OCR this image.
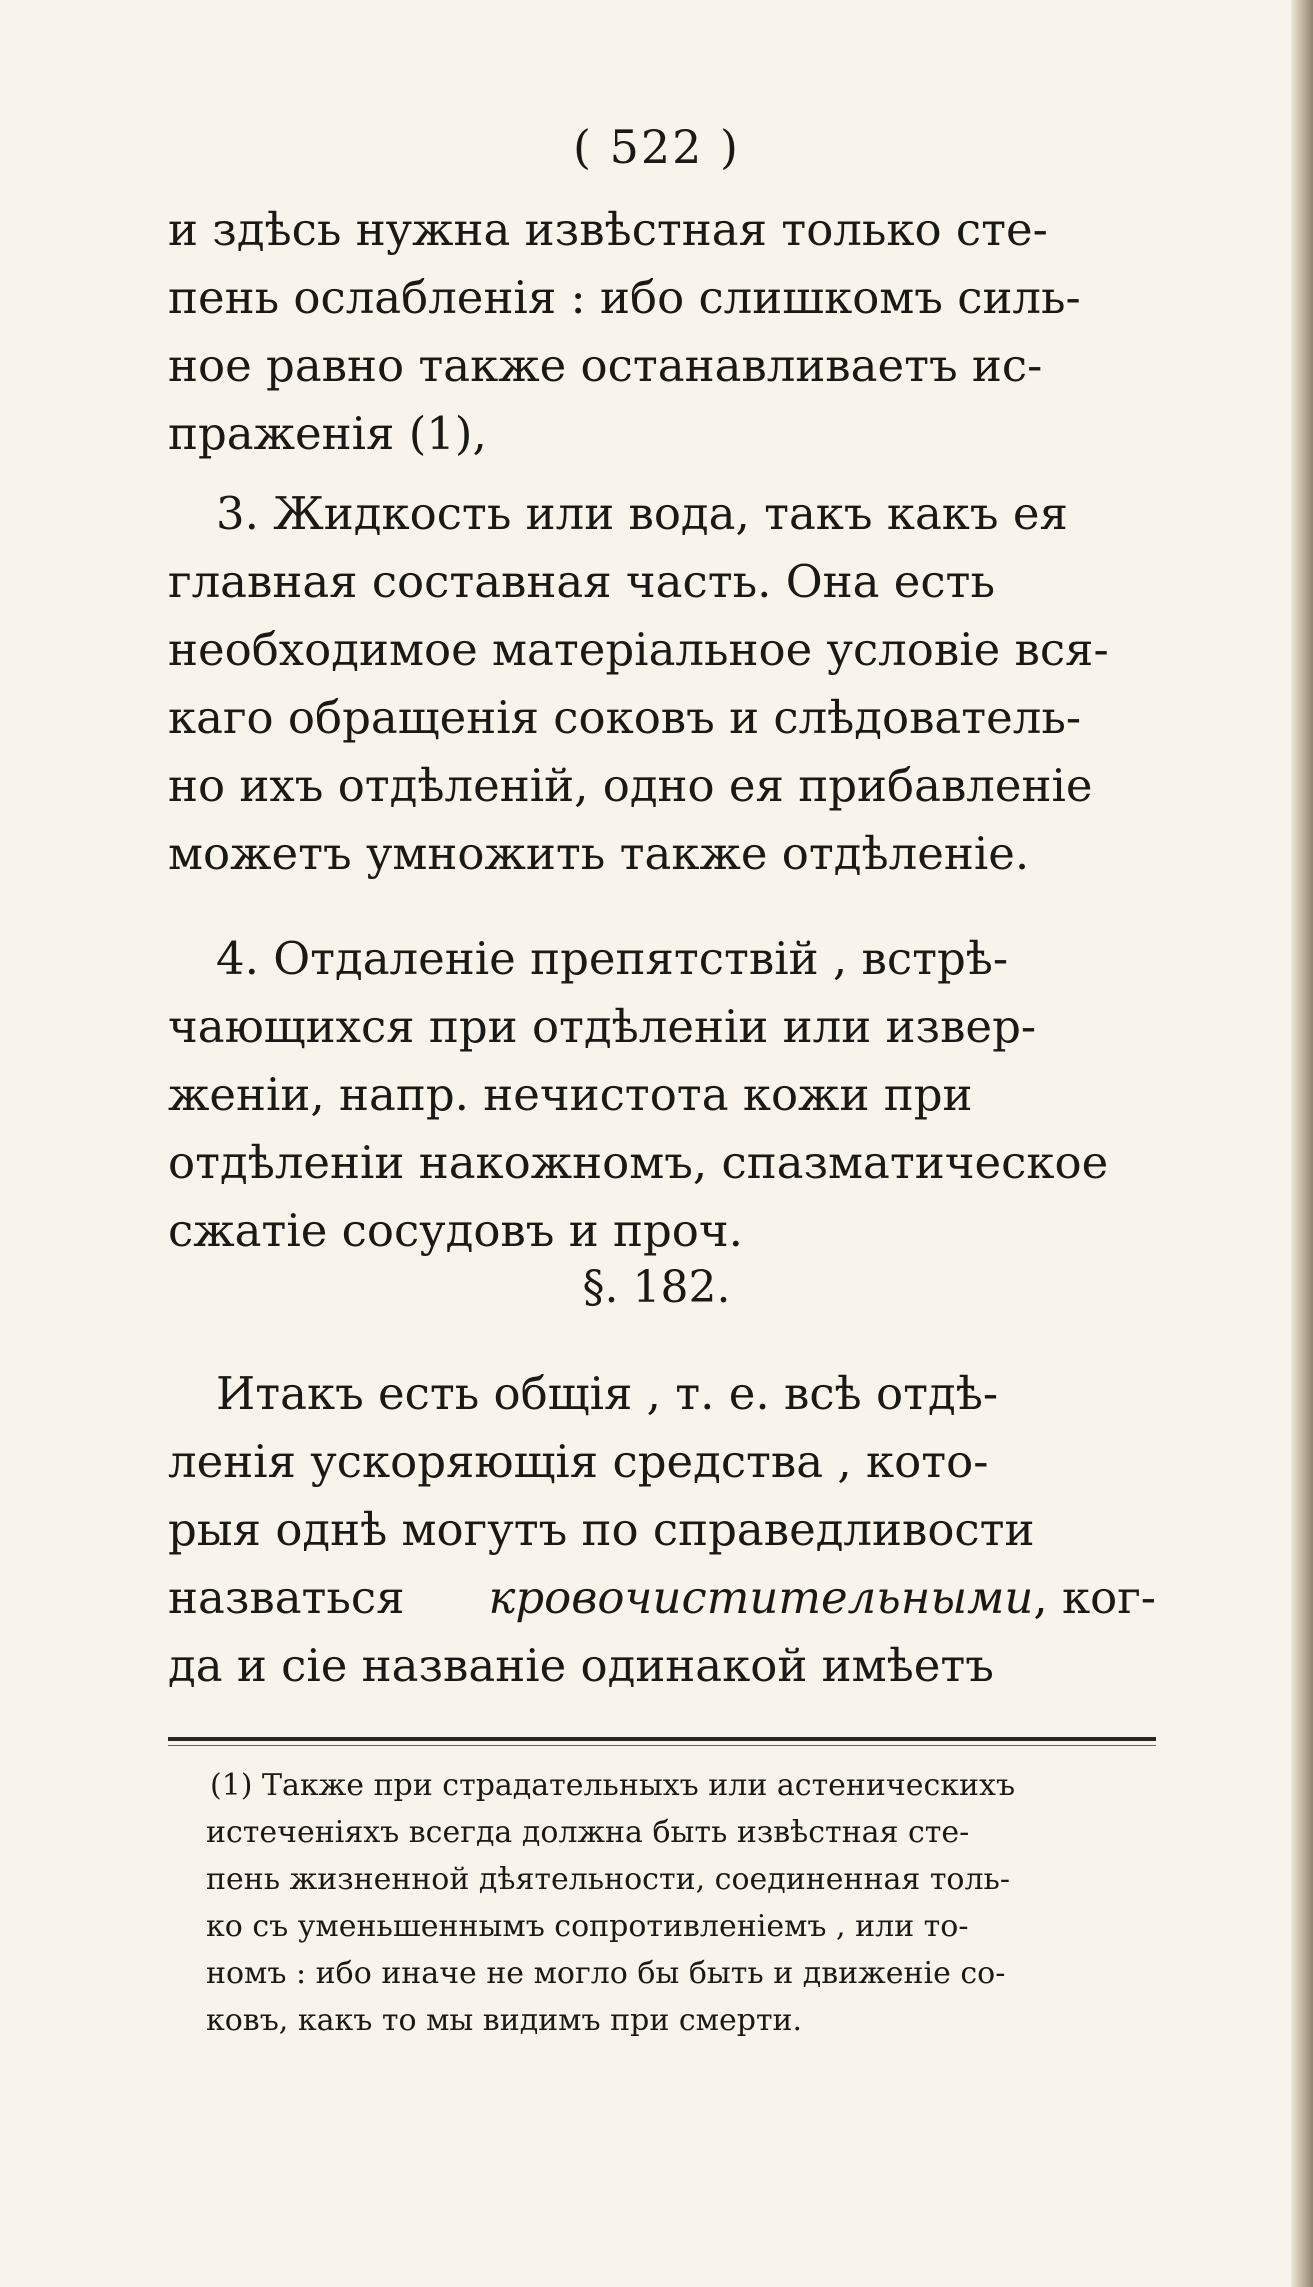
( 522 )
и здѣсь нужна извѣстная только сте-
пень ослабленія : ибо слишкомъ силь-
ное равно также останавливаетъ ис-
праженія (1),
3. Жидкость или вода, такъ какъ ея
главная составная часть. Она есть
необходимое матеріальное условіе вся-
каго обращенія соковъ и слѣдователь-
но ихъ отдѣленій, одно ея прибавленіе
можетъ умножить также отдѣленіе.
4. Отдаленіе препятствій , встрѣ-
чающихся при отдѣленіи или извер-
женіи, напр. нечистота кожи при
отдѣленіи накожномъ, спазматическое
сжатіе сосудовъ и проч.
§. 182.
Итакъ есть общія , т. е. всѣ отдѣ-
ленія ускоряющія средства , кото-
рыя однѣ могутъ по справедливости
назваться кровочистительными, ког-
да и сіе названіе одинакой имѣетъ
(1) Также при страдательныхъ или астеническихъ
истеченіяхъ всегда должна быть извѣстная сте-
пень жизненной дѣятельности, соединенная толь-
ко съ уменьшеннымъ сопротивленіемъ , или то-
номъ : ибо иначе не могло бы быть и движеніе со-
ковъ, какъ то мы видимъ при смерти.
